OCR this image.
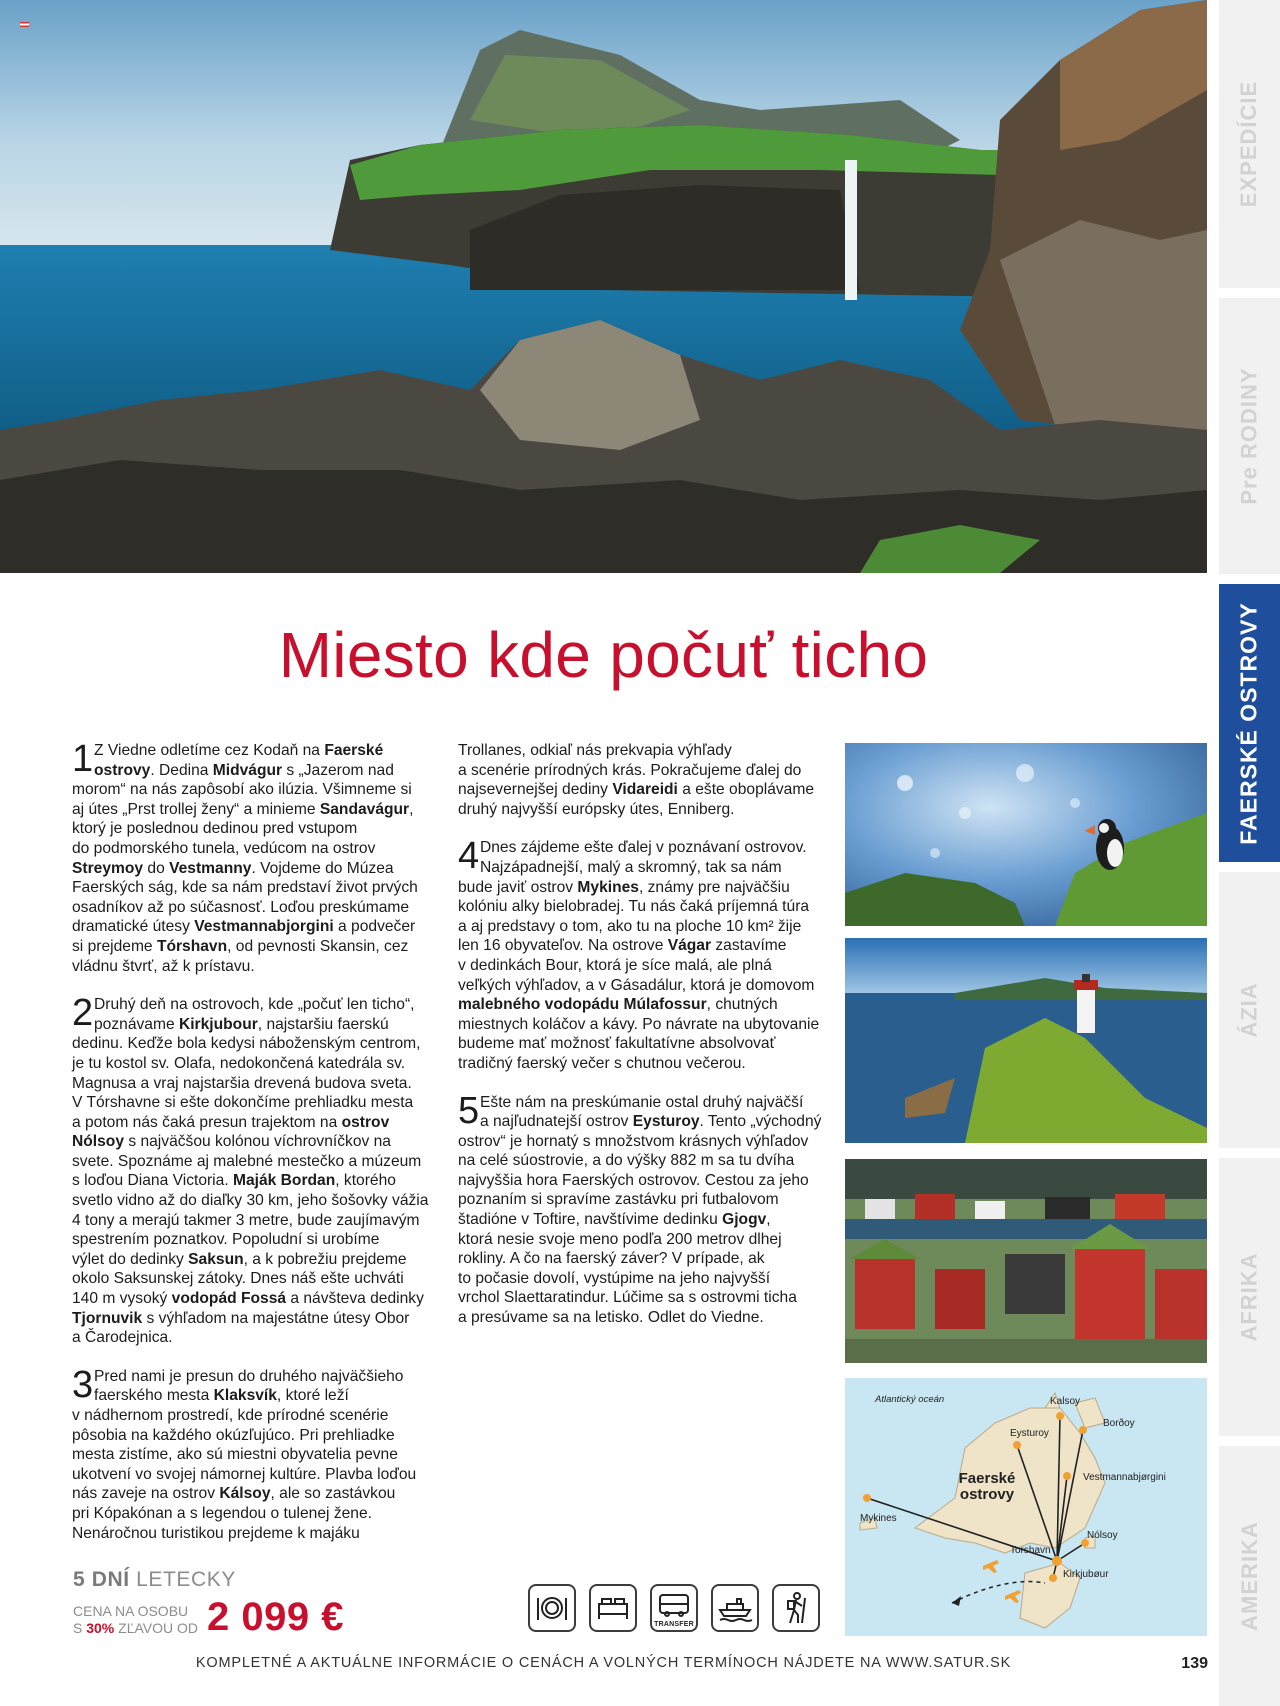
EXPEDÍCIE
Pre RODINY
FAERSKÉ OSTROVY
ÁZIA
AFRIKA
AMERIKA
Miesto kde počuť ticho
1 Z Viedne odletíme cez Kodaň na Faerské
ostrovy. Dedina Midvágur s „Jazerom nad
morom“ na nás zapôsobí ako ilúzia. Všimneme si
aj útes „Prst trollej ženy“ a minieme Sandavágur,
ktorý je poslednou dedinou pred vstupom
do podmorského tunela, vedúcom na ostrov
Streymoy do Vestmanny. Vojdeme do Múzea
Faerských ság, kde sa nám predstaví život prvých
osadníkov až po súčasnosť. Loďou preskúmame
dramatické útesy Vestmannabjorgini a podvečer
si prejdeme Tórshavn, od pevnosti Skansin, cez
vládnu štvrť, až k prístavu.
2 Druhý deň na ostrovoch, kde „počuť len ticho“,
poznávame Kirkjubour, najstaršiu faerskú
dedinu. Keďže bola kedysi náboženským centrom,
je tu kostol sv. Olafa, nedokončená katedrála sv.
Magnusa a vraj najstaršia drevená budova sveta.
V Tórshavne si ešte dokončíme prehliadku mesta
a potom nás čaká presun trajektom na ostrov
Nólsoy s najväčšou kolónou víchrovníčkov na
svete. Spoznáme aj malebné mestečko a múzeum
s loďou Diana Victoria. Maják Bordan, ktorého
svetlo vidno až do diaľky 30 km, jeho šošovky vážia
4 tony a merajú takmer 3 metre, bude zaujímavým
spestrením poznatkov. Popoludní si urobíme
výlet do dedinky Saksun, a k pobrežiu prejdeme
okolo Saksunskej zátoky. Dnes náš ešte uchváti
140 m vysoký vodopád Fossá a návšteva dedinky
Tjornuvik s výhľadom na majestátne útesy Obor
a Čarodejnica.
3 Pred nami je presun do druhého najväčšieho
faerského mesta Klaksvík, ktoré leží
v nádhernom prostredí, kde prírodné scenérie
pôsobia na každého okúzľujúco. Pri prehliadke
mesta zistíme, ako sú miestni obyvatelia pevne
ukotvení vo svojej námornej kultúre. Plavba loďou
nás zaveje na ostrov Kálsoy, ale so zastávkou
pri Kópakónan a s legendou o tulenej žene.
Nenáročnou turistikou prejdeme k majáku
Trollanes, odkiaľ nás prekvapia výhľady
a scenérie prírodných krás. Pokračujeme ďalej do
najsevernejšej dediny Vidareidi a ešte oboplávame
druhý najvyšší európsky útes, Enniberg.
4 Dnes zájdeme ešte ďalej v poznávaní ostrovov.
Najzápadnejší, malý a skromný, tak sa nám
bude javiť ostrov Mykines, známy pre najväčšiu
kolóniu alky bielobradej. Tu nás čaká príjemná túra
a aj predstavy o tom, ako tu na ploche 10 km² žije
len 16 obyvateľov. Na ostrove Vágar zastavíme
v dedinkách Bour, ktorá je síce malá, ale plná
veľkých výhľadov, a v Gásadálur, ktorá je domovom
malebného vodopádu Múlafossur, chutných
miestnych koláčov a kávy. Po návrate na ubytovanie
budeme mať možnosť fakultatívne absolvovať
tradičný faerský večer s chutnou večerou.
5 Ešte nám na preskúmanie ostal druhý najväčší
a najľudnatejší ostrov Eysturoy. Tento „východný
ostrov“ je hornatý s množstvom krásnych výhľadov
na celé súostrovie, a do výšky 882 m sa tu dvíha
najvyššia hora Faerských ostrovov. Cestou za jeho
poznaním si spravíme zastávku pri futbalovom
štadióne v Toftire, navštívime dedinku Gjogv,
ktorá nesie svoje meno podľa 200 metrov dlhej
rokliny. A čo na faerský záver? V prípade, ak
to počasie dovolí, vystúpime na jeho najvyšší
vrchol Slaettaratindur. Lúčime sa s ostrovmi ticha
a presúvame sa na letisko. Odlet do Viedne.
Atlantický oceán	Kalsoy
Borðoy
Eysturoy
Vestmannabjørgini
Mykines
Nólsoy
Torshavn
Kirkjubøur
Faerské
ostrovy
5 DNÍ LETECKY
CENA NA OSOBU
S 30% ZĽAVOU OD 2 099 €	TRANSFER
KOMPLETNÉ A AKTUÁLNE INFORMÁCIE O CENÁCH A VOLNÝCH TERMÍNOCH NÁJDETE NA WWW.SATUR.SK	139
